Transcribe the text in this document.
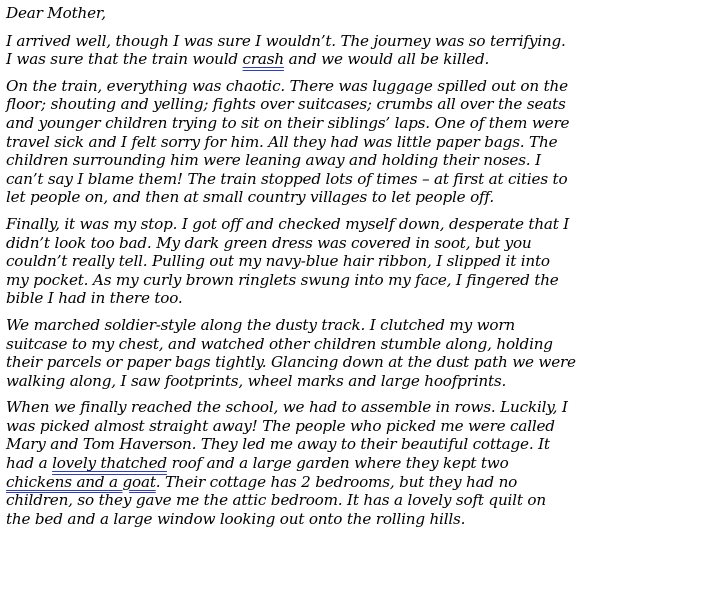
Dear Mother,
I arrived well, though I was sure I wouldn’t. The journey was so terrifying.
I was sure that the train would crash and we would all be killed.
On the train, everything was chaotic. There was luggage spilled out on the
floor; shouting and yelling; fights over suitcases; crumbs all over the seats
and younger children trying to sit on their siblings’ laps. One of them were
travel sick and I felt sorry for him. All they had was little paper bags. The
children surrounding him were leaning away and holding their noses. I
can’t say I blame them! The train stopped lots of times – at first at cities to
let people on, and then at small country villages to let people off.
Finally, it was my stop. I got off and checked myself down, desperate that I
didn’t look too bad. My dark green dress was covered in soot, but you
couldn’t really tell. Pulling out my navy-blue hair ribbon, I slipped it into
my pocket. As my curly brown ringlets swung into my face, I fingered the
bible I had in there too.
We marched soldier-style along the dusty track. I clutched my worn
suitcase to my chest, and watched other children stumble along, holding
their parcels or paper bags tightly. Glancing down at the dust path we were
walking along, I saw footprints, wheel marks and large hoofprints.
When we finally reached the school, we had to assemble in rows. Luckily, I
was picked almost straight away! The people who picked me were called
Mary and Tom Haverson. They led me away to their beautiful cottage. It
had a lovely thatched roof and a large garden where they kept two
chickens and a goat. Their cottage has 2 bedrooms, but they had no
children, so they gave me the attic bedroom. It has a lovely soft quilt on
the bed and a large window looking out onto the rolling hills.
